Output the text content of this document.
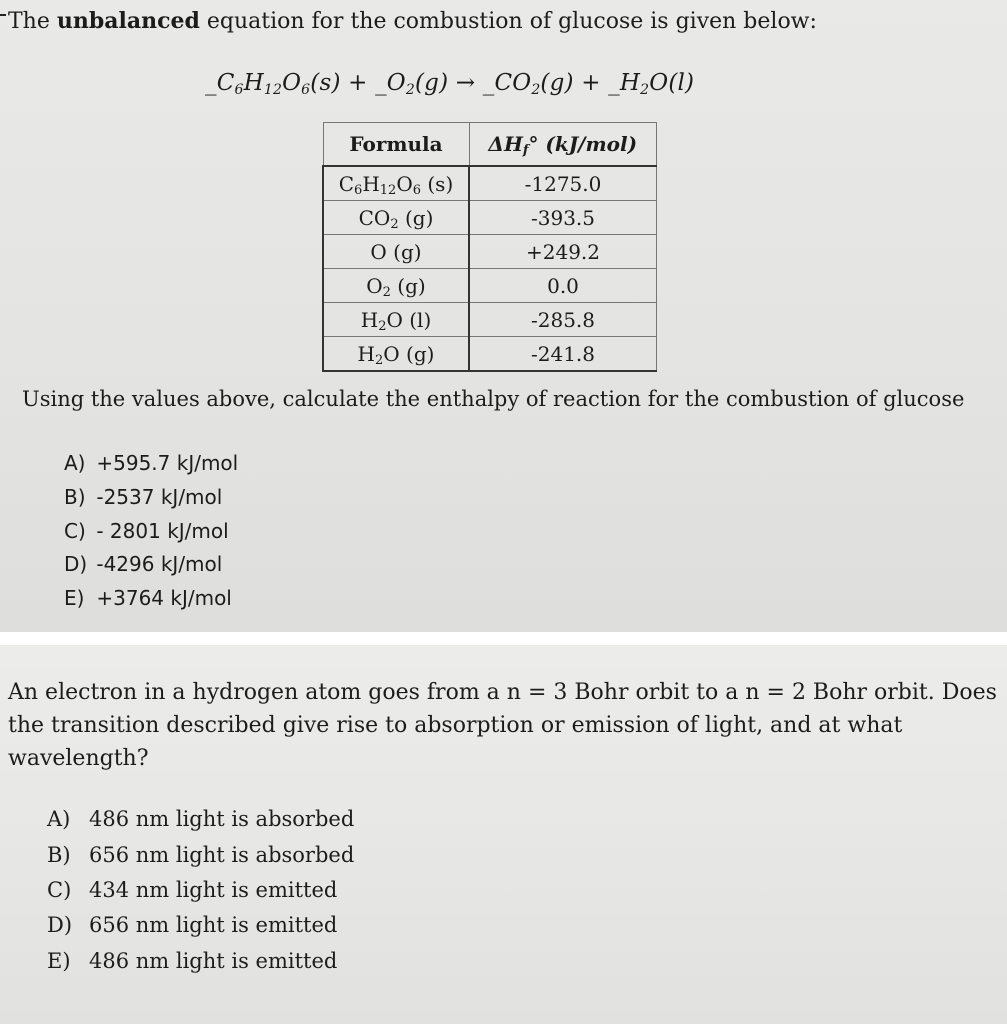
The unbalanced equation for the combustion of glucose is given below:
$\_C_6H_{12}O_6(s)$ + $\_O_2(g)$ → $\_CO_2(g)$ + $\_H_2O(l)$
Formula	$\Delta H_f^\circ$ (kJ/mol)
$C_6H_{12}O_6$ (s)	-1275.0
$CO_2$ (g)	-393.5
O (g)	+249.2
$O_2$ (g)	0.0
$H_2O$ (l)	-285.8
$H_2O$ (g)	-241.8
Using the values above, calculate the enthalpy of reaction for the combustion of glucose
A) +595.7 kJ/mol
B) -2537 kJ/mol
C) - 2801 kJ/mol
D) -4296 kJ/mol
E) +3764 kJ/mol
An electron in a hydrogen atom goes from a n = 3 Bohr orbit to a n = 2 Bohr orbit. Does the transition described give rise to absorption or emission of light, and at what wavelength?
A) 486 nm light is absorbed
B) 656 nm light is absorbed
C) 434 nm light is emitted
D) 656 nm light is emitted
E) 486 nm light is emitted
